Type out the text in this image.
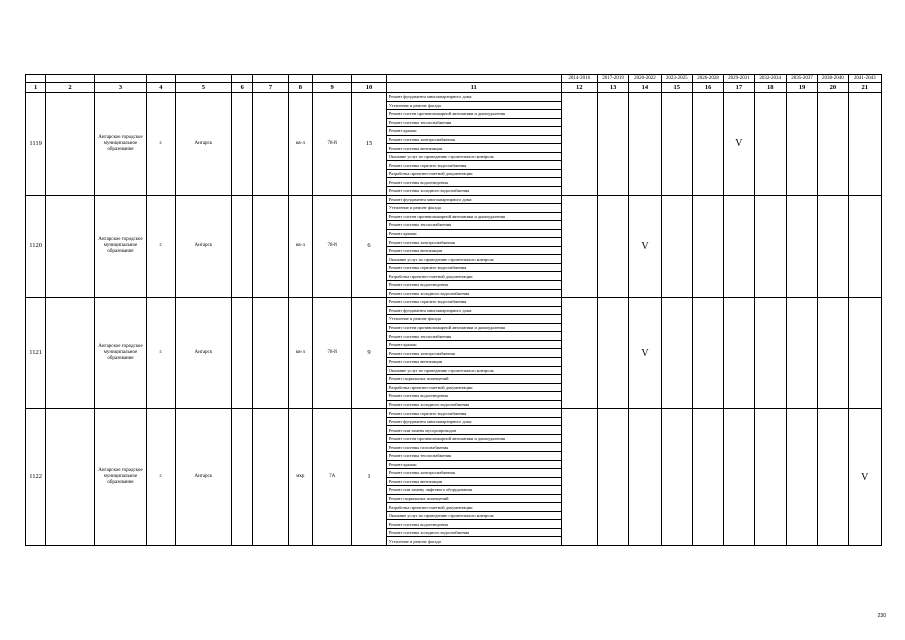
											2014-2016	2017-2019	2020-2022	2023-2025	2026-2028	2029-2031	2032-2034	2035-2037	2038-2040	2041-2043
1	2	3	4	5	6	7	8	9	10	11	12	13	14	15	16	17	18	19	20	21
1119		Ангарское городское муниципальное образование	г.	Ангарск			кв-л	78-й	15	Ремонт фундамента многоквартирного дома						V				
										Утепление и ремонт фасада										
										Ремонт систем противопожарной автоматики и дымоудаления										
										Ремонт системы теплоснабжения										
										Ремонт крыши										
										Ремонт системы электроснабжения										
										Ремонт системы вентиляции										
										Оказание услуг по проведению строительного контроля										
										Ремонт системы горячего водоснабжения										
										Разработка проектно-сметной документации										
										Ремонт системы водоотведения										
										Ремонт системы холодного водоснабжения										
1120		Ангарское городское муниципальное образование	г.	Ангарск			кв-л	78-й	6	Ремонт фундамента многоквартирного дома			V							
										Утепление и ремонт фасада										
										Ремонт систем противопожарной автоматики и дымоудаления										
										Ремонт системы теплоснабжения										
										Ремонт крыши										
										Ремонт системы электроснабжения										
										Ремонт системы вентиляции										
										Оказание услуг по проведению строительного контроля										
										Ремонт системы горячего водоснабжения										
										Разработка проектно-сметной документации										
										Ремонт системы водоотведения										
										Ремонт системы холодного водоснабжения										
1121		Ангарское городское муниципальное образование	г.	Ангарск			кв-л	78-й	9	Ремонт системы горячего водоснабжения			V							
										Ремонт фундамента многоквартирного дома										
										Утепление и ремонт фасада										
										Ремонт систем противопожарной автоматики и дымоудаления										
										Ремонт системы теплоснабжения										
										Ремонт крыши										
										Ремонт системы электроснабжения										
										Ремонт системы вентиляции										
										Оказание услуг по проведению строительного контроля										
										Ремонт подвальных помещений										
										Разработка проектно-сметной документации										
										Ремонт системы водоотведения										
										Ремонт системы холодного водоснабжения										
1122		Ангарское городское муниципальное образование	г.	Ангарск			мкр	7А	1	Ремонт системы горячего водоснабжения										V
										Ремонт фундамента многоквартирного дома										
										Ремонт или замена мусоропроводов										
										Ремонт систем противопожарной автоматики и дымоудаления										
										Ремонт системы газоснабжения										
										Ремонт системы теплоснабжения										
										Ремонт крыши										
										Ремонт системы электроснабжения										
										Ремонт системы вентиляции										
										Ремонт или замену лифтового оборудования										
										Ремонт подвальных помещений										
										Разработка проектно-сметной документации										
										Оказание услуг по проведению строительного контроля										
										Ремонт системы водоотведения										
										Ремонт системы холодного водоснабжения										
										Утепление и ремонт фасада										
230
